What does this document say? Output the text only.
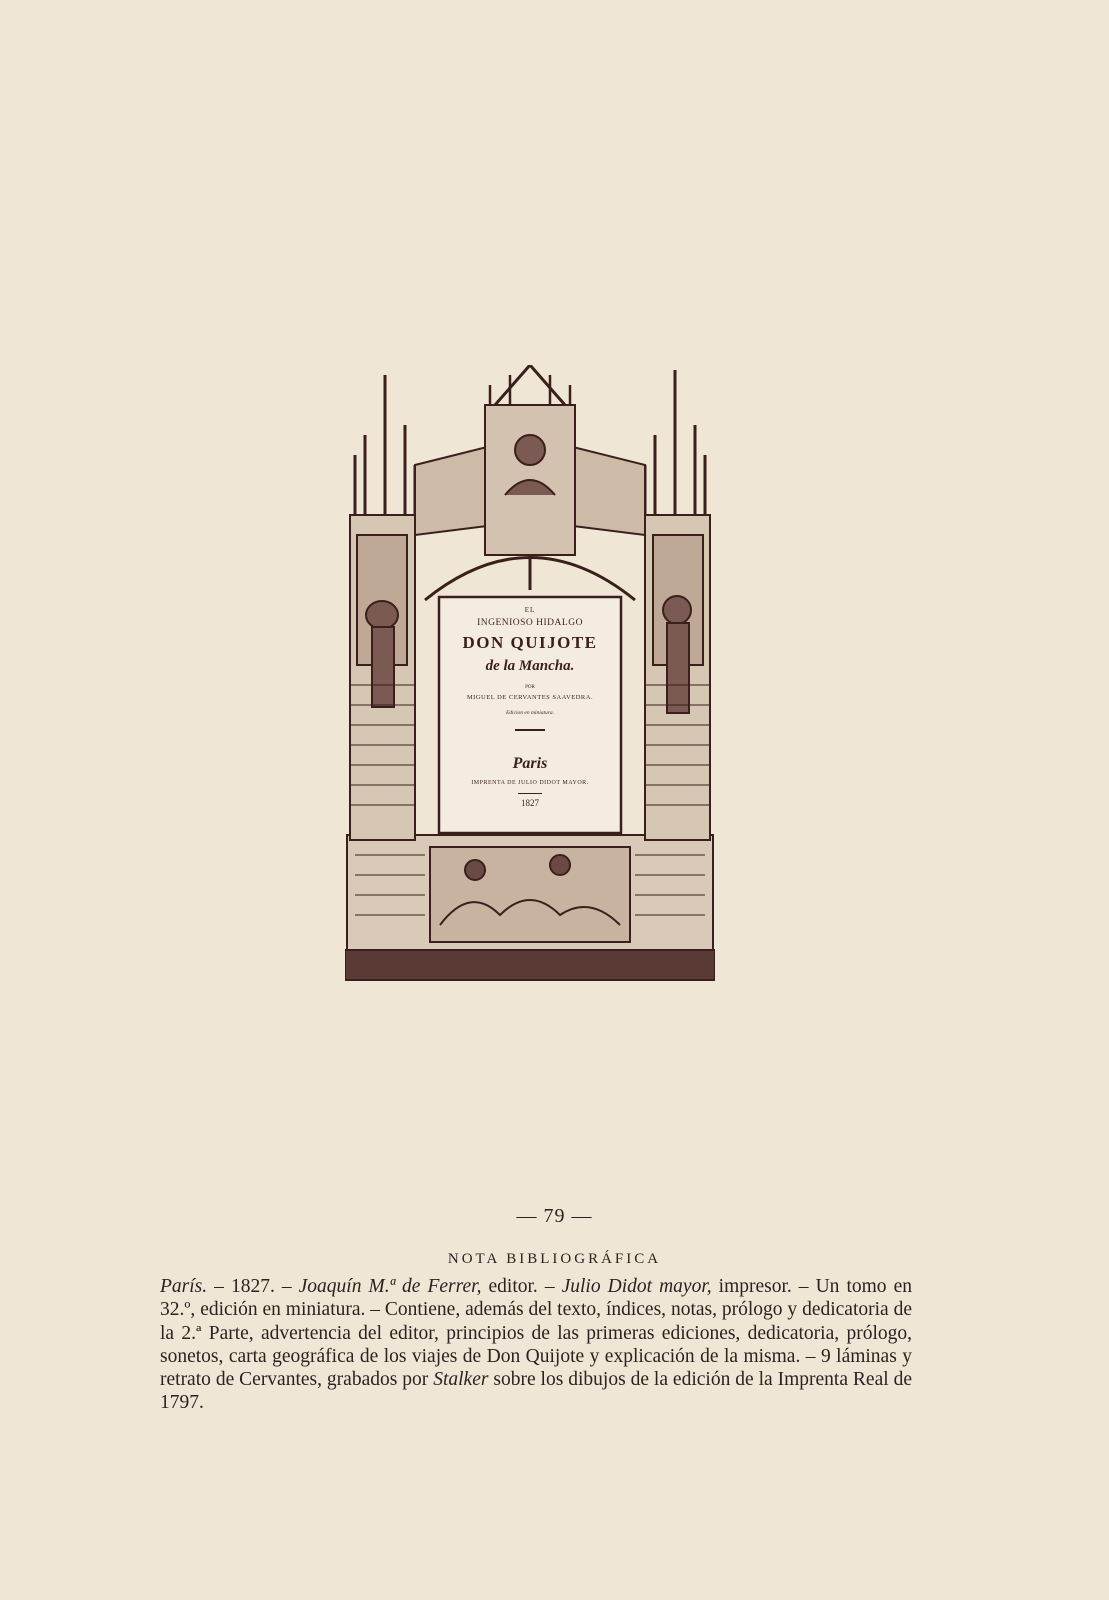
EL
INGENIOSO HIDALGO
DON QUIJOTE
de la Mancha.
POR
MIGUEL DE CERVANTES SAAVEDRA.
Edicion en miniatura.
Paris
IMPRENTA DE JULIO DIDOT MAYOR.
1827
— 79 —
NOTA BIBLIOGRÁFICA
París. – 1827. – Joaquín M.ª de Ferrer, editor. – Julio Didot mayor, impresor. – Un tomo en 32.º, edición en miniatura. – Contiene, además del texto, índices, notas, prólogo y dedicatoria de la 2.ª Parte, advertencia del editor, principios de las primeras ediciones, dedicatoria, prólogo, sonetos, carta geográfica de los viajes de Don Quijote y explicación de la misma. – 9 láminas y retrato de Cervantes, grabados por Stalker sobre los dibujos de la edición de la Imprenta Real de 1797.
